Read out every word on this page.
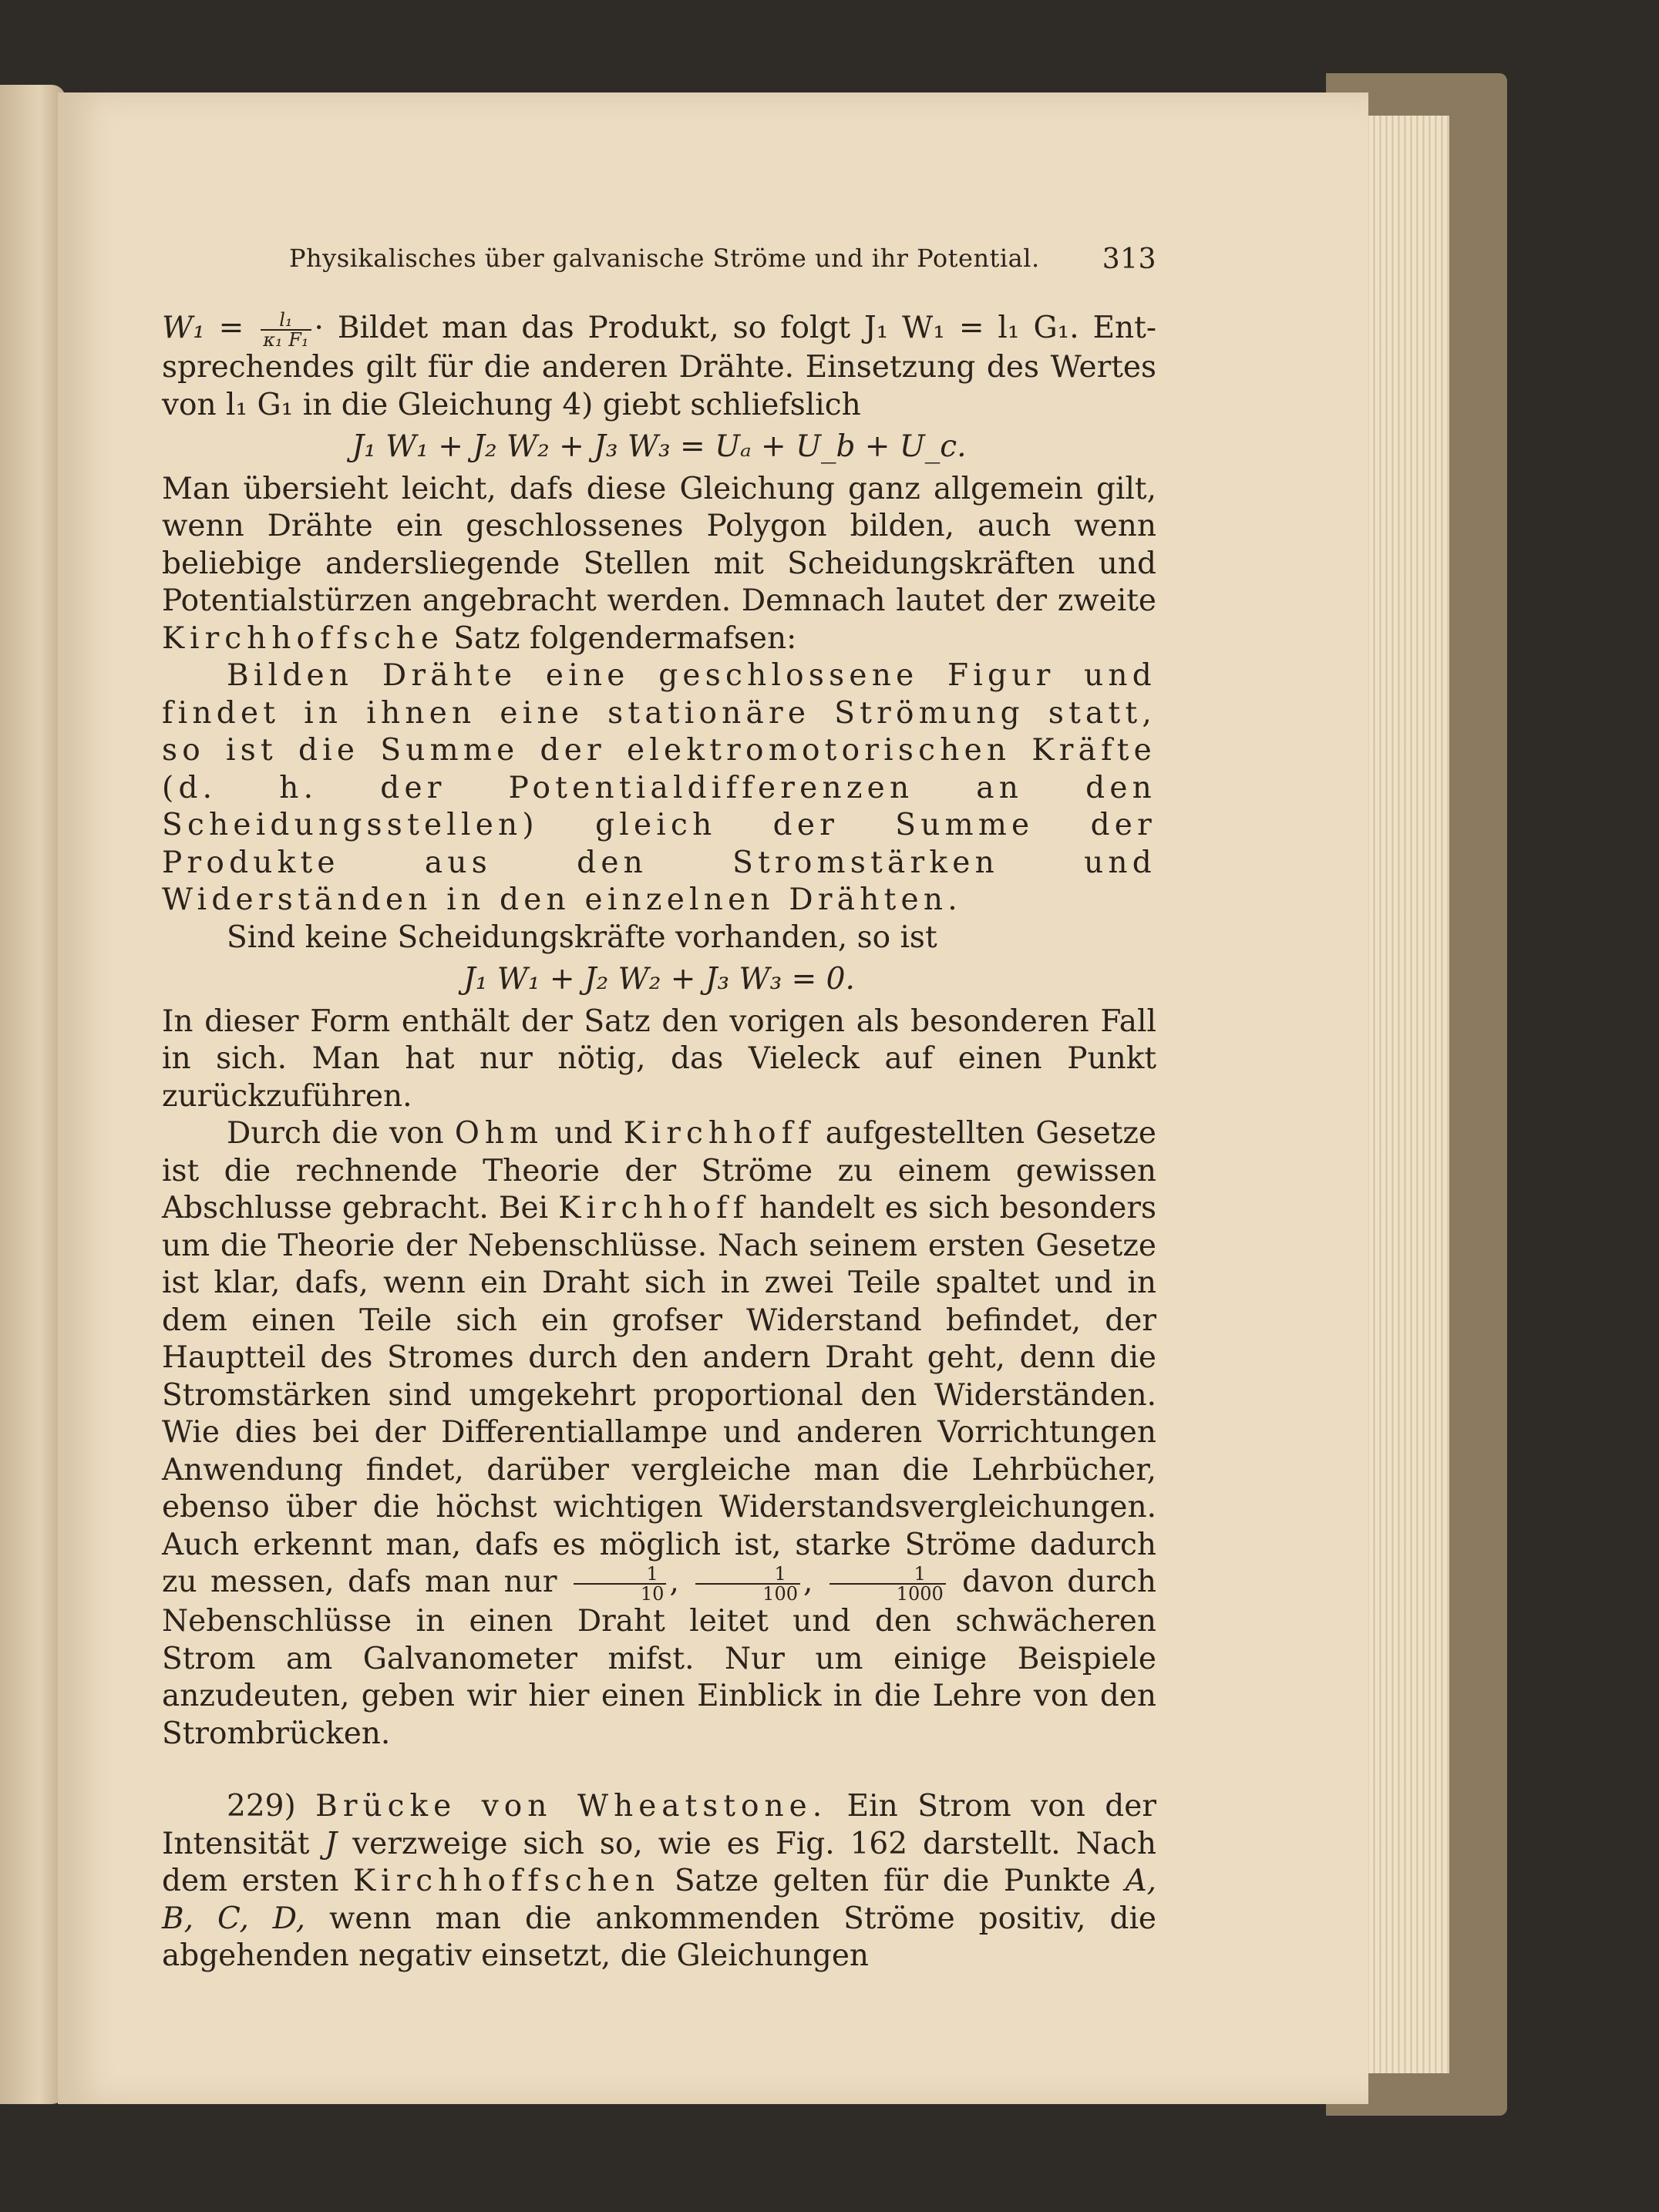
Physikalisches über galvanische Ströme und ihr Potential. 313

$W_1 = \frac{\text{l₁}}{\text{κ₁ F₁}} \cdot Bildet$ man das Produkt, so folgt J₁ W₁ = l₁ G₁. Ent- sprechendes gilt für die anderen Drähte. Einsetzung des Wertes von l₁ G₁ in die Gleichung 4) giebt schliefslich

J₁ W₁ + J₂ W₂ + J₃ W₃ = Uₐ + U_b + U_c.

Man übersieht leicht, dafs diese Gleichung ganz allgemein gilt, wenn Drähte ein geschlossenes Polygon bilden, auch wenn beliebige andersliegende Stellen mit Scheidungskräften und Potentialstürzen angebracht werden. Demnach lautet der zweite Kirchhoffsche Satz folgendermafsen:

Bilden Drähte eine geschlossene Figur und findet in ihnen eine stationäre Strömung statt, so ist die Summe der elektromotorischen Kräfte (d. h. der Potentialdifferenzen an den Scheidungsstellen) gleich der Summe der Produkte aus den Stromstärken und Widerständen in den einzelnen Drähten.

Sind keine Scheidungskräfte vorhanden, so ist

J₁ W₁ + J₂ W₂ + J₃ W₃ = 0.

In dieser Form enthält der Satz den vorigen als besonderen Fall in sich. Man hat nur nötig, das Vieleck auf einen Punkt zurückzuführen.

Durch die von Ohm und Kirchhoff aufgestellten Gesetze ist die rechnende Theorie der Ströme zu einem gewissen Abschlusse gebracht. Bei Kirchhoff handelt es sich besonders um die Theorie der Nebenschlüsse. Nach seinem ersten Gesetze ist klar, dafs, wenn ein Draht sich in zwei Teile spaltet und in dem einen Teile sich ein grofser Widerstand befindet, der Hauptteil des Stromes durch den andern Draht geht, denn die Stromstärken sind umgekehrt proportional den Widerständen. Wie dies bei der Differentiallampe und anderen Vorrichtungen Anwendung findet, darüber vergleiche man die Lehrbücher, ebenso über die höchst wichtigen Widerstandsvergleichungen. Auch erkennt man, dafs es möglich ist, starke Ströme dadurch zu messen, dafs man nur $\frac{1}{10}$ , $\frac{1}{100}$ , $\frac{1}{1000}$ davon durch Nebenschlüsse in einen Draht leitet und den schwächeren Strom am Galvanometer mifst. Nur um einige Beispiele anzudeuten, geben wir hier einen Einblick in die Lehre von den Strombrücken.

229) Brücke von Wheatstone. Ein Strom von der Intensität J verzweige sich so, wie es Fig. 162 darstellt. Nach dem ersten Kirchhoffschen Satze gelten für die Punkte A, B, C, D, wenn man die ankommenden Ströme positiv, die abgehenden negativ einsetzt, die Gleichungen
